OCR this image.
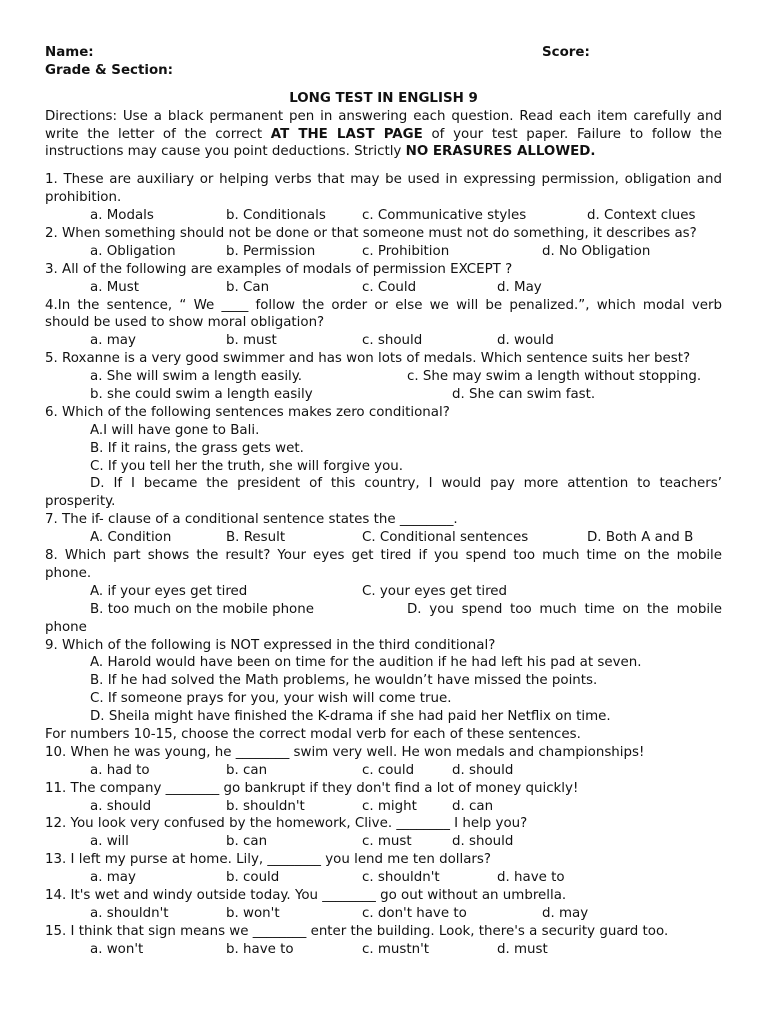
Name:	Score:
Grade & Section:
LONG TEST IN ENGLISH 9
Directions: Use a black permanent pen in answering each question. Read each item carefully and
write the letter of the correct AT THE LAST PAGE of your test paper. Failure to follow the
instructions may cause you point deductions. Strictly NO ERASURES ALLOWED.
1. These are auxiliary or helping verbs that may be used in expressing permission, obligation and
prohibition.
a. Modals	b. Conditionals	c. Communicative styles	d. Context clues
2. When something should not be done or that someone must not do something, it describes as?
a. Obligation	b. Permission	c. Prohibition	d. No Obligation
3. All of the following are examples of modals of permission EXCEPT ?
a. Must	b. Can	c. Could	d. May
4.In the sentence, “ We ____ follow the order or else we will be penalized.”, which modal verb
should be used to show moral obligation?
a. may	b. must	c. should	d. would
5. Roxanne is a very good swimmer and has won lots of medals. Which sentence suits her best?
a. She will swim a length easily.	c. She may swim a length without stopping.
b. she could swim a length easily	d. She can swim fast.
6. Which of the following sentences makes zero conditional?
A.I will have gone to Bali.
B. If it rains, the grass gets wet.
C. If you tell her the truth, she will forgive you.
D. If I became the president of this country, I would pay more attention to teachers’
prosperity.
7. The if- clause of a conditional sentence states the ________.
A. Condition	B. Result	C. Conditional sentences	D. Both A and B
8. Which part shows the result? Your eyes get tired if you spend too much time on the mobile
phone.
A. if your eyes get tired	C. your eyes get tired
B. too much on the mobile phone	D. you spend too much time on the mobile
phone
9. Which of the following is NOT expressed in the third conditional?
A. Harold would have been on time for the audition if he had left his pad at seven.
B. If he had solved the Math problems, he wouldn’t have missed the points.
C. If someone prays for you, your wish will come true.
D. Sheila might have finished the K-drama if she had paid her Netflix on time.
For numbers 10-15, choose the correct modal verb for each of these sentences.
10. When he was young, he ________ swim very well. He won medals and championships!
a. had to	b. can	c. could	d. should
11. The company ________ go bankrupt if they don't find a lot of money quickly!
a. should	b. shouldn't	c. might	d. can
12. You look very confused by the homework, Clive. ________ I help you?
a. will	b. can	c. must	d. should
13. I left my purse at home. Lily, ________ you lend me ten dollars?
a. may	b. could	c. shouldn't	d. have to
14. It's wet and windy outside today. You ________ go out without an umbrella.
a. shouldn't	b. won't	c. don't have to	d. may
15. I think that sign means we ________ enter the building. Look, there's a security guard too.
a. won't	b. have to	c. mustn't	d. must
